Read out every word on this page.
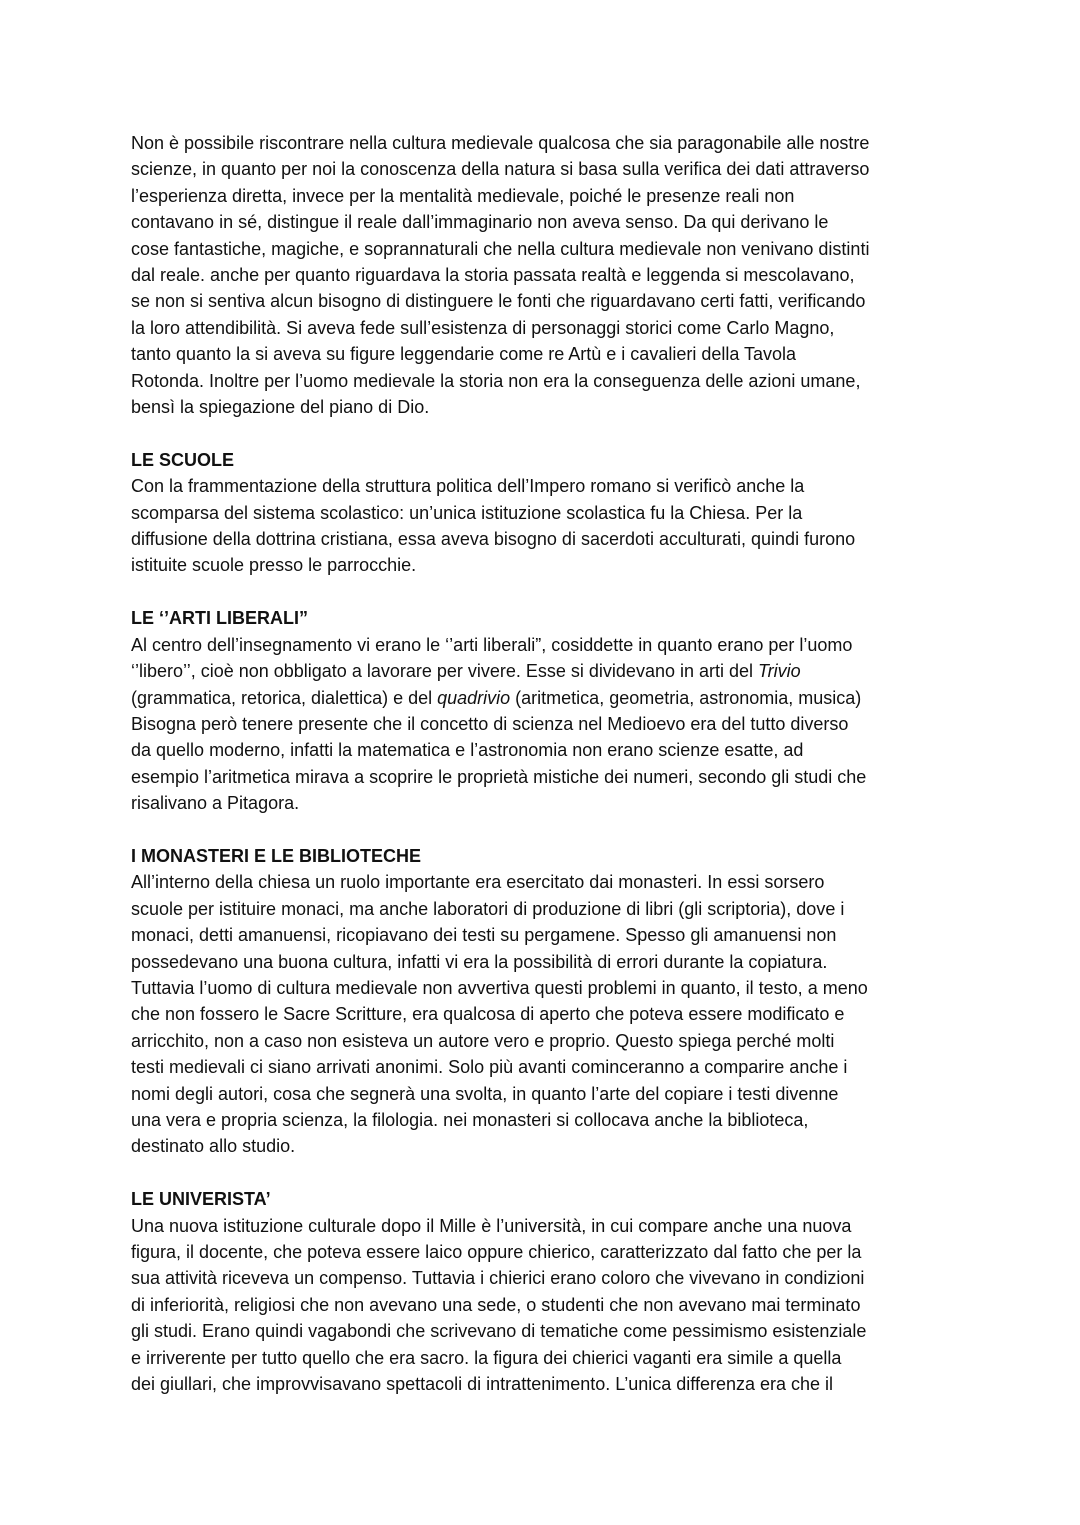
Non è possibile riscontrare nella cultura medievale qualcosa che sia paragonabile alle nostre
scienze, in quanto per noi la conoscenza della natura si basa sulla verifica dei dati attraverso
l’esperienza diretta, invece per la mentalità medievale, poiché le presenze reali non
contavano in sé, distingue il reale dall’immaginario non aveva senso. Da qui derivano le
cose fantastiche, magiche, e soprannaturali che nella cultura medievale non venivano distinti
dal reale. anche per quanto riguardava la storia passata realtà e leggenda si mescolavano,
se non si sentiva alcun bisogno di distinguere le fonti che riguardavano certi fatti, verificando
la loro attendibilità. Si aveva fede sull’esistenza di personaggi storici come Carlo Magno,
tanto quanto la si aveva su figure leggendarie come re Artù e i cavalieri della Tavola
Rotonda. Inoltre per l’uomo medievale la storia non era la conseguenza delle azioni umane,
bensì la spiegazione del piano di Dio.

LE SCUOLE

Con la frammentazione della struttura politica dell’Impero romano si verificò anche la
scomparsa del sistema scolastico: un’unica istituzione scolastica fu la Chiesa. Per la
diffusione della dottrina cristiana, essa aveva bisogno di sacerdoti acculturati, quindi furono
istituite scuole presso le parrocchie.

LE ‘’ARTI LIBERALI”

Al centro dell’insegnamento vi erano le ‘’arti liberali”, cosiddette in quanto erano per l’uomo
‘’libero’’, cioè non obbligato a lavorare per vivere. Esse si dividevano in arti del Trivio
(grammatica, retorica, dialettica) e del quadrivio (aritmetica, geometria, astronomia, musica)
Bisogna però tenere presente che il concetto di scienza nel Medioevo era del tutto diverso
da quello moderno, infatti la matematica e l’astronomia non erano scienze esatte, ad
esempio l’aritmetica mirava a scoprire le proprietà mistiche dei numeri, secondo gli studi che
risalivano a Pitagora.

I MONASTERI E LE BIBLIOTECHE

All’interno della chiesa un ruolo importante era esercitato dai monasteri. In essi sorsero
scuole per istituire monaci, ma anche laboratori di produzione di libri (gli scriptoria), dove i
monaci, detti amanuensi, ricopiavano dei testi su pergamene. Spesso gli amanuensi non
possedevano una buona cultura, infatti vi era la possibilità di errori durante la copiatura.
Tuttavia l’uomo di cultura medievale non avvertiva questi problemi in quanto, il testo, a meno
che non fossero le Sacre Scritture, era qualcosa di aperto che poteva essere modificato e
arricchito, non a caso non esisteva un autore vero e proprio. Questo spiega perché molti
testi medievali ci siano arrivati anonimi. Solo più avanti cominceranno a comparire anche i
nomi degli autori, cosa che segnerà una svolta, in quanto l’arte del copiare i testi divenne
una vera e propria scienza, la filologia. nei monasteri si collocava anche la biblioteca,
destinato allo studio.

LE UNIVERISTA’

Una nuova istituzione culturale dopo il Mille è l’università, in cui compare anche una nuova
figura, il docente, che poteva essere laico oppure chierico, caratterizzato dal fatto che per la
sua attività riceveva un compenso. Tuttavia i chierici erano coloro che vivevano in condizioni
di inferiorità, religiosi che non avevano una sede, o studenti che non avevano mai terminato
gli studi. Erano quindi vagabondi che scrivevano di tematiche come pessimismo esistenziale
e irriverente per tutto quello che era sacro. la figura dei chierici vaganti era simile a quella
dei giullari, che improvvisavano spettacoli di intrattenimento. L’unica differenza era che il
